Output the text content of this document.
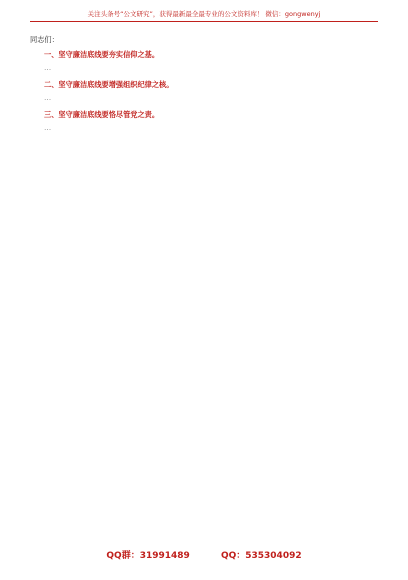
关注头条号“公文研究”，获得最新最全最专业的公文资料库！ 微信：gongwenyj

同志们：

一、坚守廉洁底线要夯实信仰之基。

…

二、坚守廉洁底线要增强组织纪律之核。

…

三、坚守廉洁底线要恪尽管党之责。

…

QQ群：31991489	QQ：535304092
